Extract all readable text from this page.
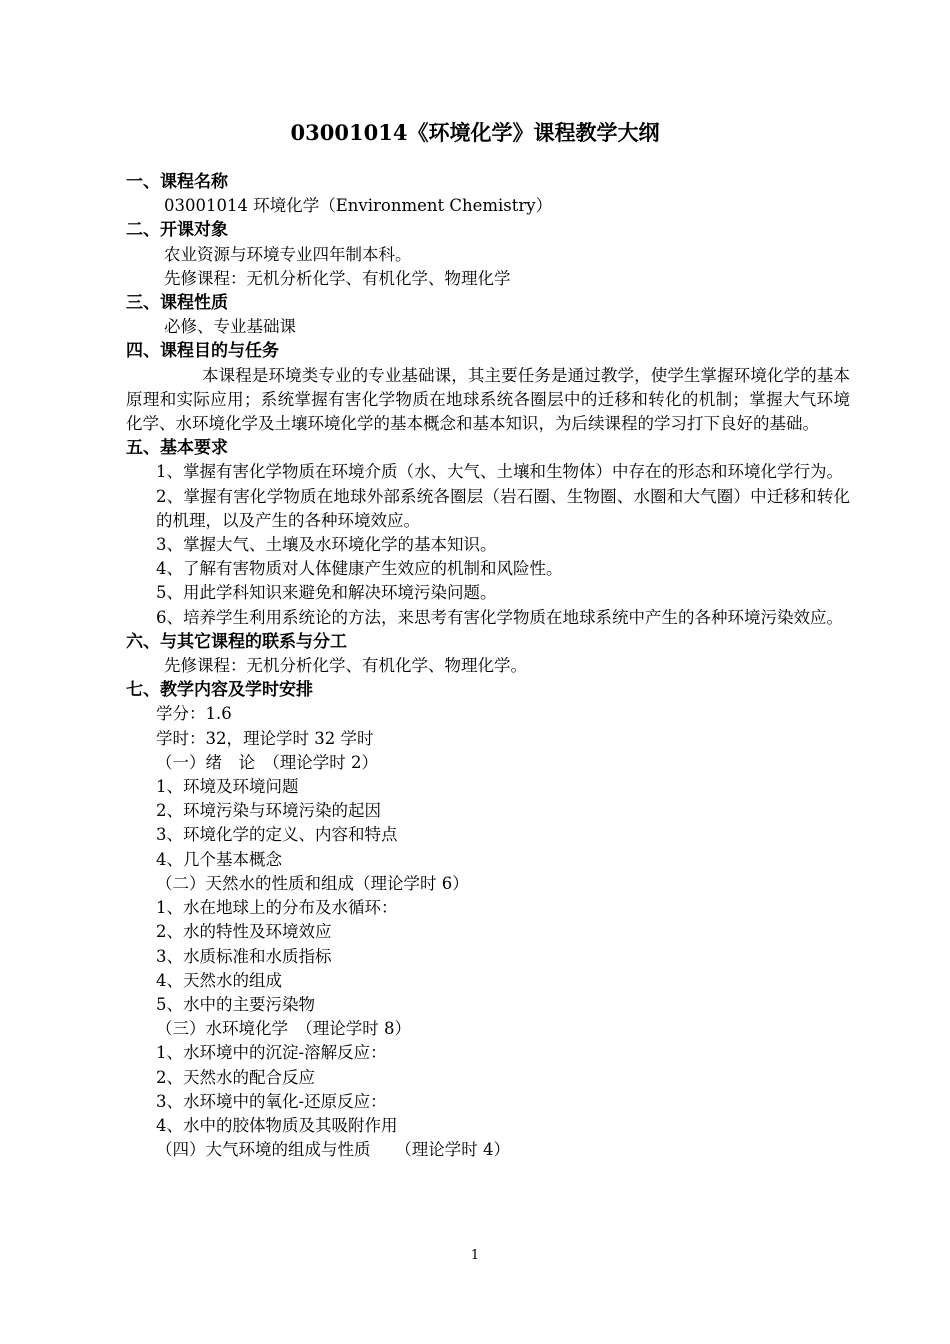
03001014《环境化学》课程教学大纲

一、课程名称

03001014 环境化学（Environment Chemistry）

二、开课对象

农业资源与环境专业四年制本科。

先修课程：无机分析化学、有机化学、物理化学

三、课程性质

必修、专业基础课

四、课程目的与任务

本课程是环境类专业的专业基础课，其主要任务是通过教学，使学生掌握环境化学的基本原理和实际应用；系统掌握有害化学物质在地球系统各圈层中的迁移和转化的机制；掌握大气环境化学、水环境化学及土壤环境化学的基本概念和基本知识，为后续课程的学习打下良好的基础。

五、基本要求

1、掌握有害化学物质在环境介质（水、大气、土壤和生物体）中存在的形态和环境化学行为。

2、掌握有害化学物质在地球外部系统各圈层（岩石圈、生物圈、水圈和大气圈）中迁移和转化的机理，以及产生的各种环境效应。

3、掌握大气、土壤及水环境化学的基本知识。

4、了解有害物质对人体健康产生效应的机制和风险性。

5、用此学科知识来避免和解决环境污染问题。

6、培养学生利用系统论的方法，来思考有害化学物质在地球系统中产生的各种环境污染效应。

六、与其它课程的联系与分工

先修课程：无机分析化学、有机化学、物理化学。

七、教学内容及学时安排

学分：1.6

学时：32，理论学时 32 学时

（一）绪　论　（理论学时 2）

1、环境及环境问题

2、环境污染与环境污染的起因

3、环境化学的定义、内容和特点

4、几个基本概念

（二）天然水的性质和组成（理论学时 6）

1、水在地球上的分布及水循环：

2、水的特性及环境效应

3、水质标准和水质指标

4、天然水的组成

5、水中的主要污染物

（三）水环境化学　（理论学时 8）

1、水环境中的沉淀-溶解反应：

2、天然水的配合反应

3、水环境中的氧化-还原反应：

4、水中的胶体物质及其吸附作用

（四）大气环境的组成与性质　　（理论学时 4）

1
